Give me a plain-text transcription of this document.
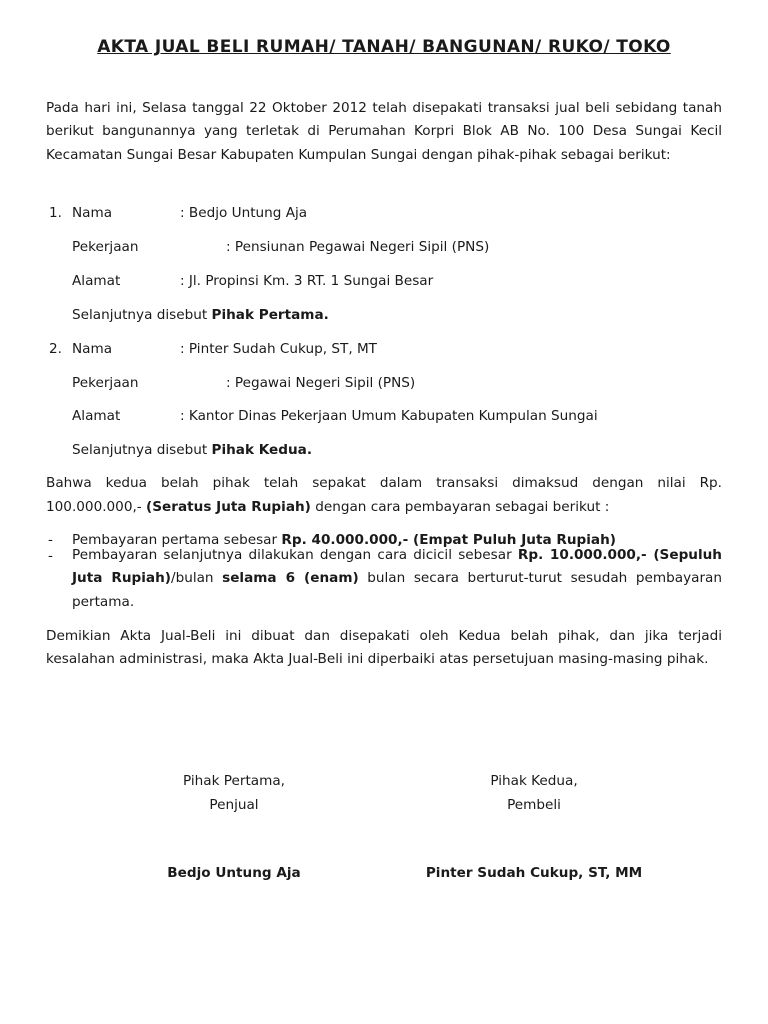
AKTA JUAL BELI RUMAH/ TANAH/ BANGUNAN/ RUKO/ TOKO
Pada hari ini, Selasa tanggal 22 Oktober 2012 telah disepakati transaksi jual beli sebidang tanah berikut bangunannya yang terletak di Perumahan Korpri Blok AB No. 100 Desa Sungai Kecil Kecamatan Sungai Besar Kabupaten Kumpulan Sungai dengan pihak-pihak sebagai berikut:
1. Nama	: Bedjo Untung Aja
Pekerjaan	: Pensiunan Pegawai Negeri Sipil (PNS)
Alamat	: Jl. Propinsi Km. 3 RT. 1 Sungai Besar
Selanjutnya disebut Pihak Pertama.
2. Nama	: Pinter Sudah Cukup, ST, MT
Pekerjaan	: Pegawai Negeri Sipil (PNS)
Alamat	: Kantor Dinas Pekerjaan Umum Kabupaten Kumpulan Sungai
Selanjutnya disebut Pihak Kedua.
Bahwa kedua belah pihak telah sepakat dalam transaksi dimaksud dengan nilai Rp.
100.000.000,- (Seratus Juta Rupiah) dengan cara pembayaran sebagai berikut :
- Pembayaran pertama sebesar Rp. 40.000.000,- (Empat Puluh Juta Rupiah)
- Pembayaran selanjutnya dilakukan dengan cara dicicil sebesar Rp. 10.000.000,- (Sepuluh Juta Rupiah)/bulan selama 6 (enam) bulan secara berturut-turut sesudah pembayaran pertama.
Demikian Akta Jual-Beli ini dibuat dan disepakati oleh Kedua belah pihak, dan jika terjadi kesalahan administrasi, maka Akta Jual-Beli ini diperbaiki atas persetujuan masing-masing pihak.
Pihak Pertama,
Penjual
Bedjo Untung Aja
Pihak Kedua,
Pembeli
Pinter Sudah Cukup, ST, MM
